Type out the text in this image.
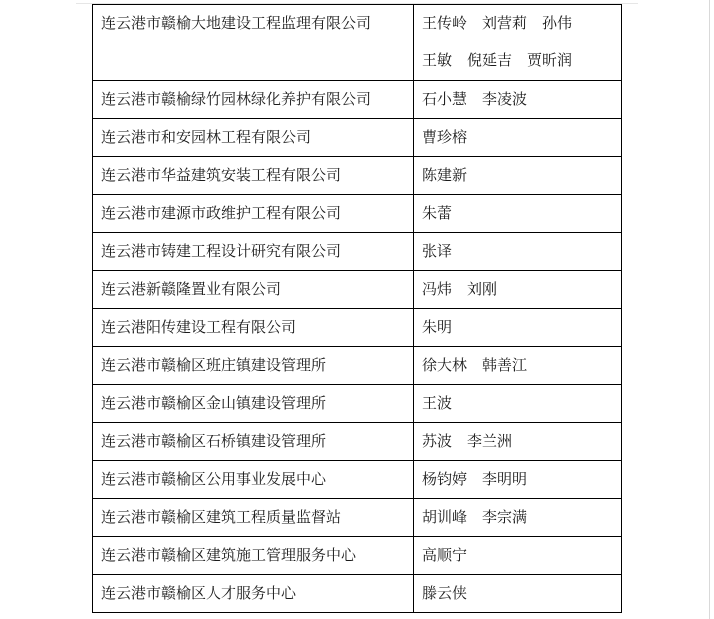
连云港市赣榆大地建设工程监理有限公司	王传岭 刘营莉 孙伟
王敏 倪延吉 贾昕润

连云港市赣榆绿竹园林绿化养护有限公司	石小慧 李凌波

连云港市和安园林工程有限公司	曹珍榕

连云港市华益建筑安装工程有限公司	陈建新

连云港市建源市政维护工程有限公司	朱蕾

连云港市铸建工程设计研究有限公司	张译

连云港新赣隆置业有限公司	冯炜 刘刚

连云港阳传建设工程有限公司	朱明

连云港市赣榆区班庄镇建设管理所	徐大林 韩善江

连云港市赣榆区金山镇建设管理所	王波

连云港市赣榆区石桥镇建设管理所	苏波 李兰洲

连云港市赣榆区公用事业发展中心	杨钧婷 李明明

连云港市赣榆区建筑工程质量监督站	胡训峰 李宗满

连云港市赣榆区建筑施工管理服务中心	高顺宁

连云港市赣榆区人才服务中心	滕云侠
